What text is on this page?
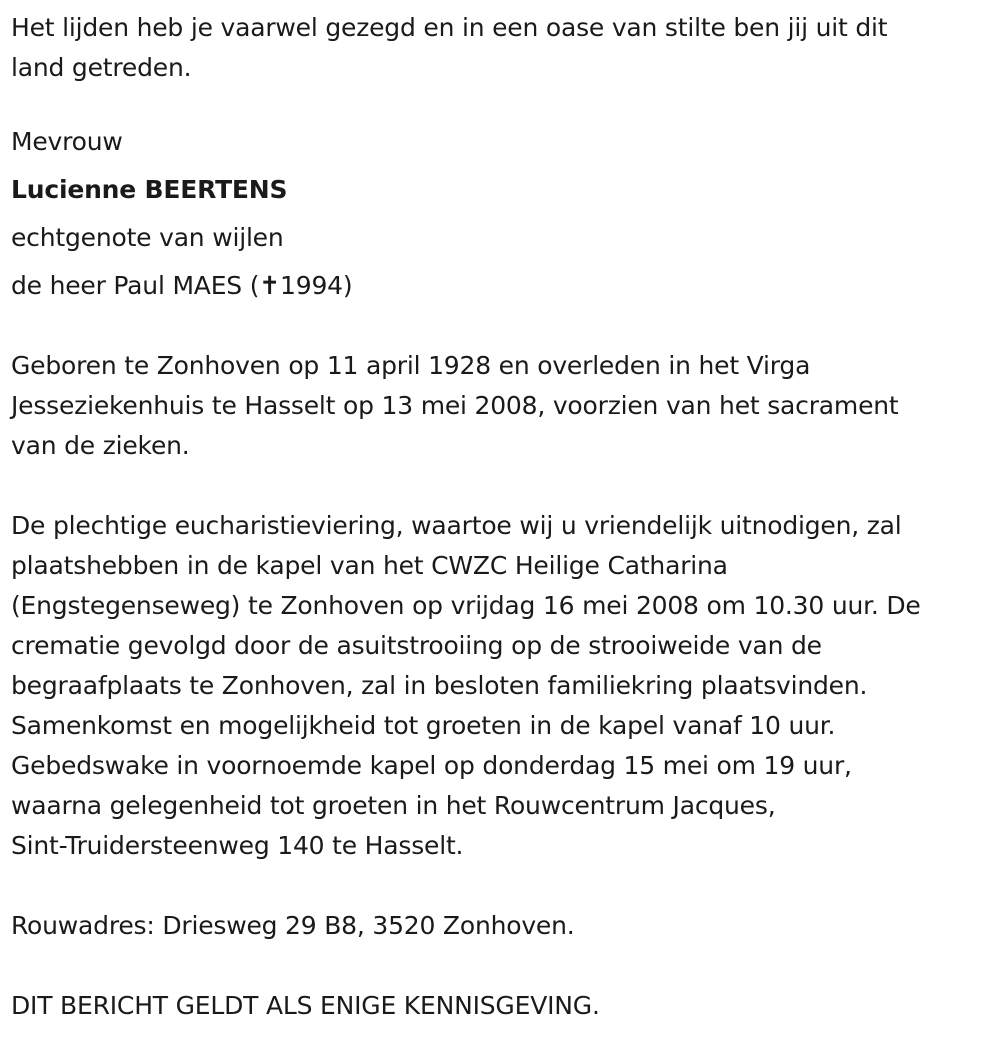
Het lijden heb je vaarwel gezegd en in een oase van stilte ben jij uit dit

land getreden.

Mevrouw

Lucienne BEERTENS

echtgenote van wijlen

de heer Paul MAES (✝1994)

Geboren te Zonhoven op 11 april 1928 en overleden in het Virga

Jesseziekenhuis te Hasselt op 13 mei 2008, voorzien van het sacrament

van de zieken.

De plechtige eucharistieviering, waartoe wij u vriendelijk uitnodigen, zal

plaatshebben in de kapel van het CWZC Heilige Catharina

(Engstegenseweg) te Zonhoven op vrijdag 16 mei 2008 om 10.30 uur. De

crematie gevolgd door de asuitstrooiing op de strooiweide van de

begraafplaats te Zonhoven, zal in besloten familiekring plaatsvinden.

Samenkomst en mogelijkheid tot groeten in de kapel vanaf 10 uur.

Gebedswake in voornoemde kapel op donderdag 15 mei om 19 uur,

waarna gelegenheid tot groeten in het Rouwcentrum Jacques,

Sint-Truidersteenweg 140 te Hasselt.

Rouwadres: Driesweg 29 B8, 3520 Zonhoven.

DIT BERICHT GELDT ALS ENIGE KENNISGEVING.
